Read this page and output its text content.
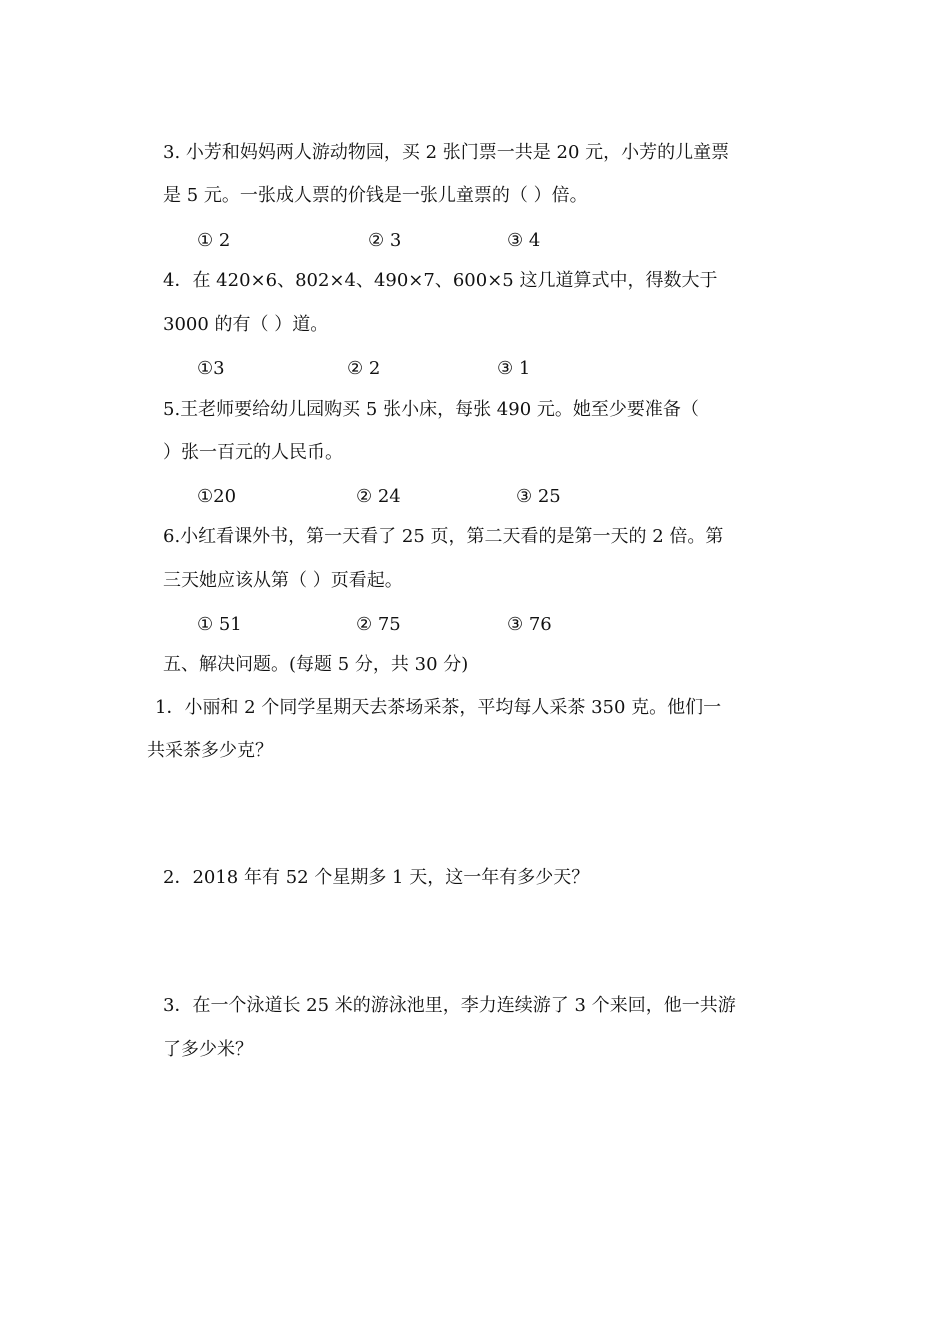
3. 小芳和妈妈两人游动物园，买 2 张门票一共是 20 元，小芳的儿童票
是 5 元。一张成人票的价钱是一张儿童票的（ ）倍。
① 2	② 3	③ 4
4．在 420×6、802×4、490×7、600×5 这几道算式中，得数大于
3000 的有（ ）道。
①3	② 2	③ 1
5.王老师要给幼儿园购买 5 张小床，每张 490 元。她至少要准备（
）张一百元的人民币。
①20	② 24	③ 25
6.小红看课外书，第一天看了 25 页，第二天看的是第一天的 2 倍。第
三天她应该从第（ ）页看起。
① 51	② 75	③ 76
五、解决问题。(每题 5 分，共 30 分)
1．小丽和 2 个同学星期天去茶场采茶，平均每人采茶 350 克。他们一
共采茶多少克？
2．2018 年有 52 个星期多 1 天，这一年有多少天？
3．在一个泳道长 25 米的游泳池里，李力连续游了 3 个来回，他一共游
了多少米？
